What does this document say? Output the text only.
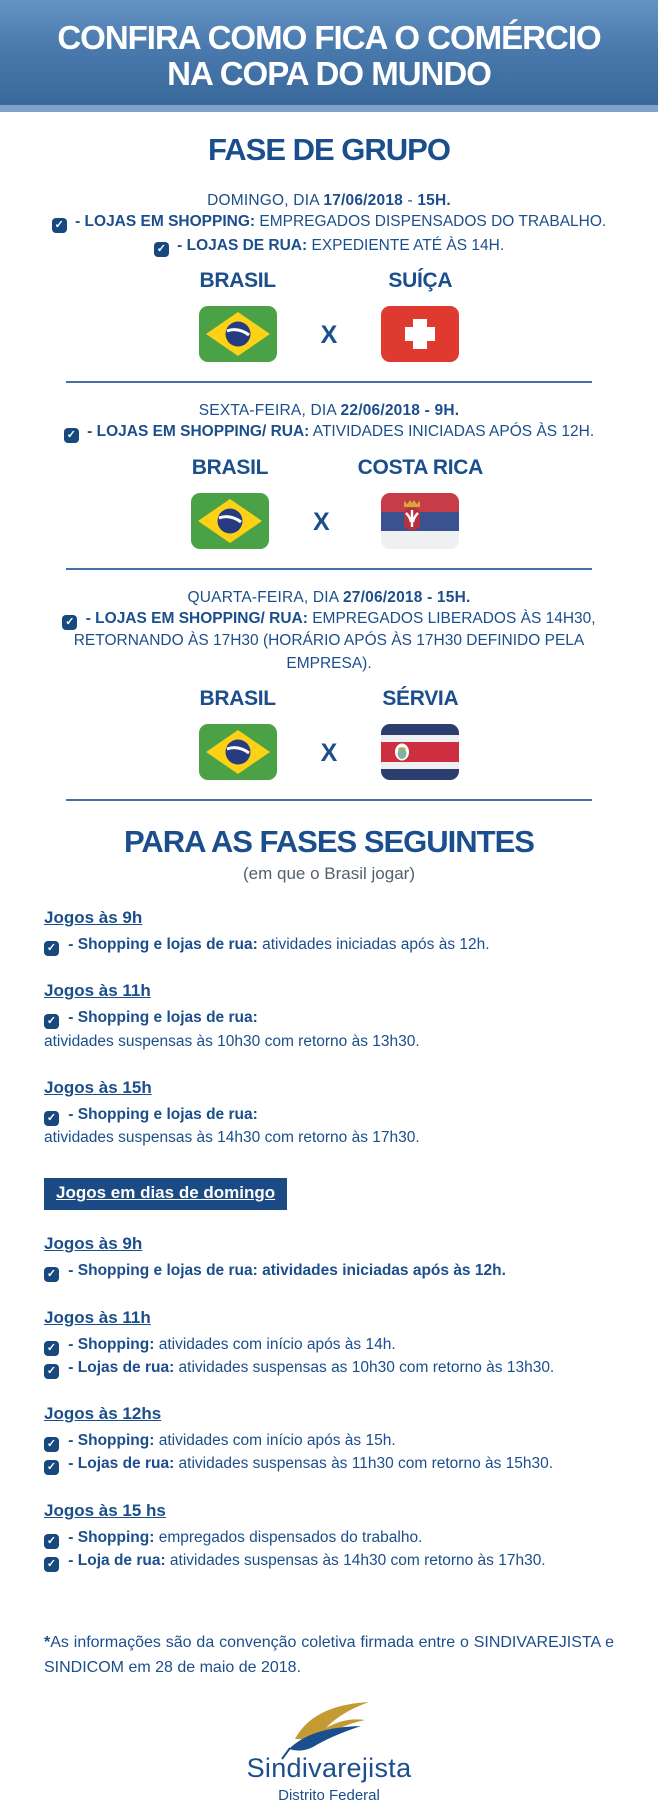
CONFIRA COMO FICA O COMÉRCIO
NA COPA DO MUNDO
FASE DE GRUPO
DOMINGO, DIA 17/06/2018 - 15H.
✓ - LOJAS EM SHOPPING: EMPREGADOS DISPENSADOS DO TRABALHO.
✓ - LOJAS DE RUA: EXPEDIENTE ATÉ ÀS 14H.
BRASIL
X
SUÍÇA
SEXTA-FEIRA, DIA 22/06/2018 - 9H.
✓ - LOJAS EM SHOPPING/ RUA: ATIVIDADES INICIADAS APÓS ÀS 12H.
BRASIL
X
COSTA RICA
QUARTA-FEIRA, DIA 27/06/2018 - 15H.
✓ - LOJAS EM SHOPPING/ RUA: EMPREGADOS LIBERADOS ÀS 14H30, RETORNANDO ÀS 17H30 (HORÁRIO APÓS ÀS 17H30 DEFINIDO PELA EMPRESA).
BRASIL
X
SÉRVIA
PARA AS FASES SEGUINTES
(em que o Brasil jogar)
Jogos às 9h
✓ - Shopping e lojas de rua: atividades iniciadas após às 12h.
Jogos às 11h
✓ - Shopping e lojas de rua:
atividades suspensas às 10h30 com retorno às 13h30.
Jogos às 15h
✓ - Shopping e lojas de rua:
atividades suspensas às 14h30 com retorno às 17h30.
Jogos em dias de domingo
Jogos às 9h
✓ - Shopping e lojas de rua: atividades iniciadas após às 12h.
Jogos às 11h
✓ - Shopping: atividades com início após às 14h.
✓ - Lojas de rua: atividades suspensas as 10h30 com retorno às 13h30.
Jogos às 12hs
✓ - Shopping: atividades com início após às 15h.
✓ - Lojas de rua: atividades suspensas às 11h30 com retorno às 15h30.
Jogos às 15 hs
✓ - Shopping: empregados dispensados do trabalho.
✓ - Loja de rua: atividades suspensas às 14h30 com retorno às 17h30.

*As informações são da convenção coletiva firmada entre o SINDIVAREJISTA e SINDICOM em 28 de maio de 2018.

Sindivarejista
Distrito Federal
